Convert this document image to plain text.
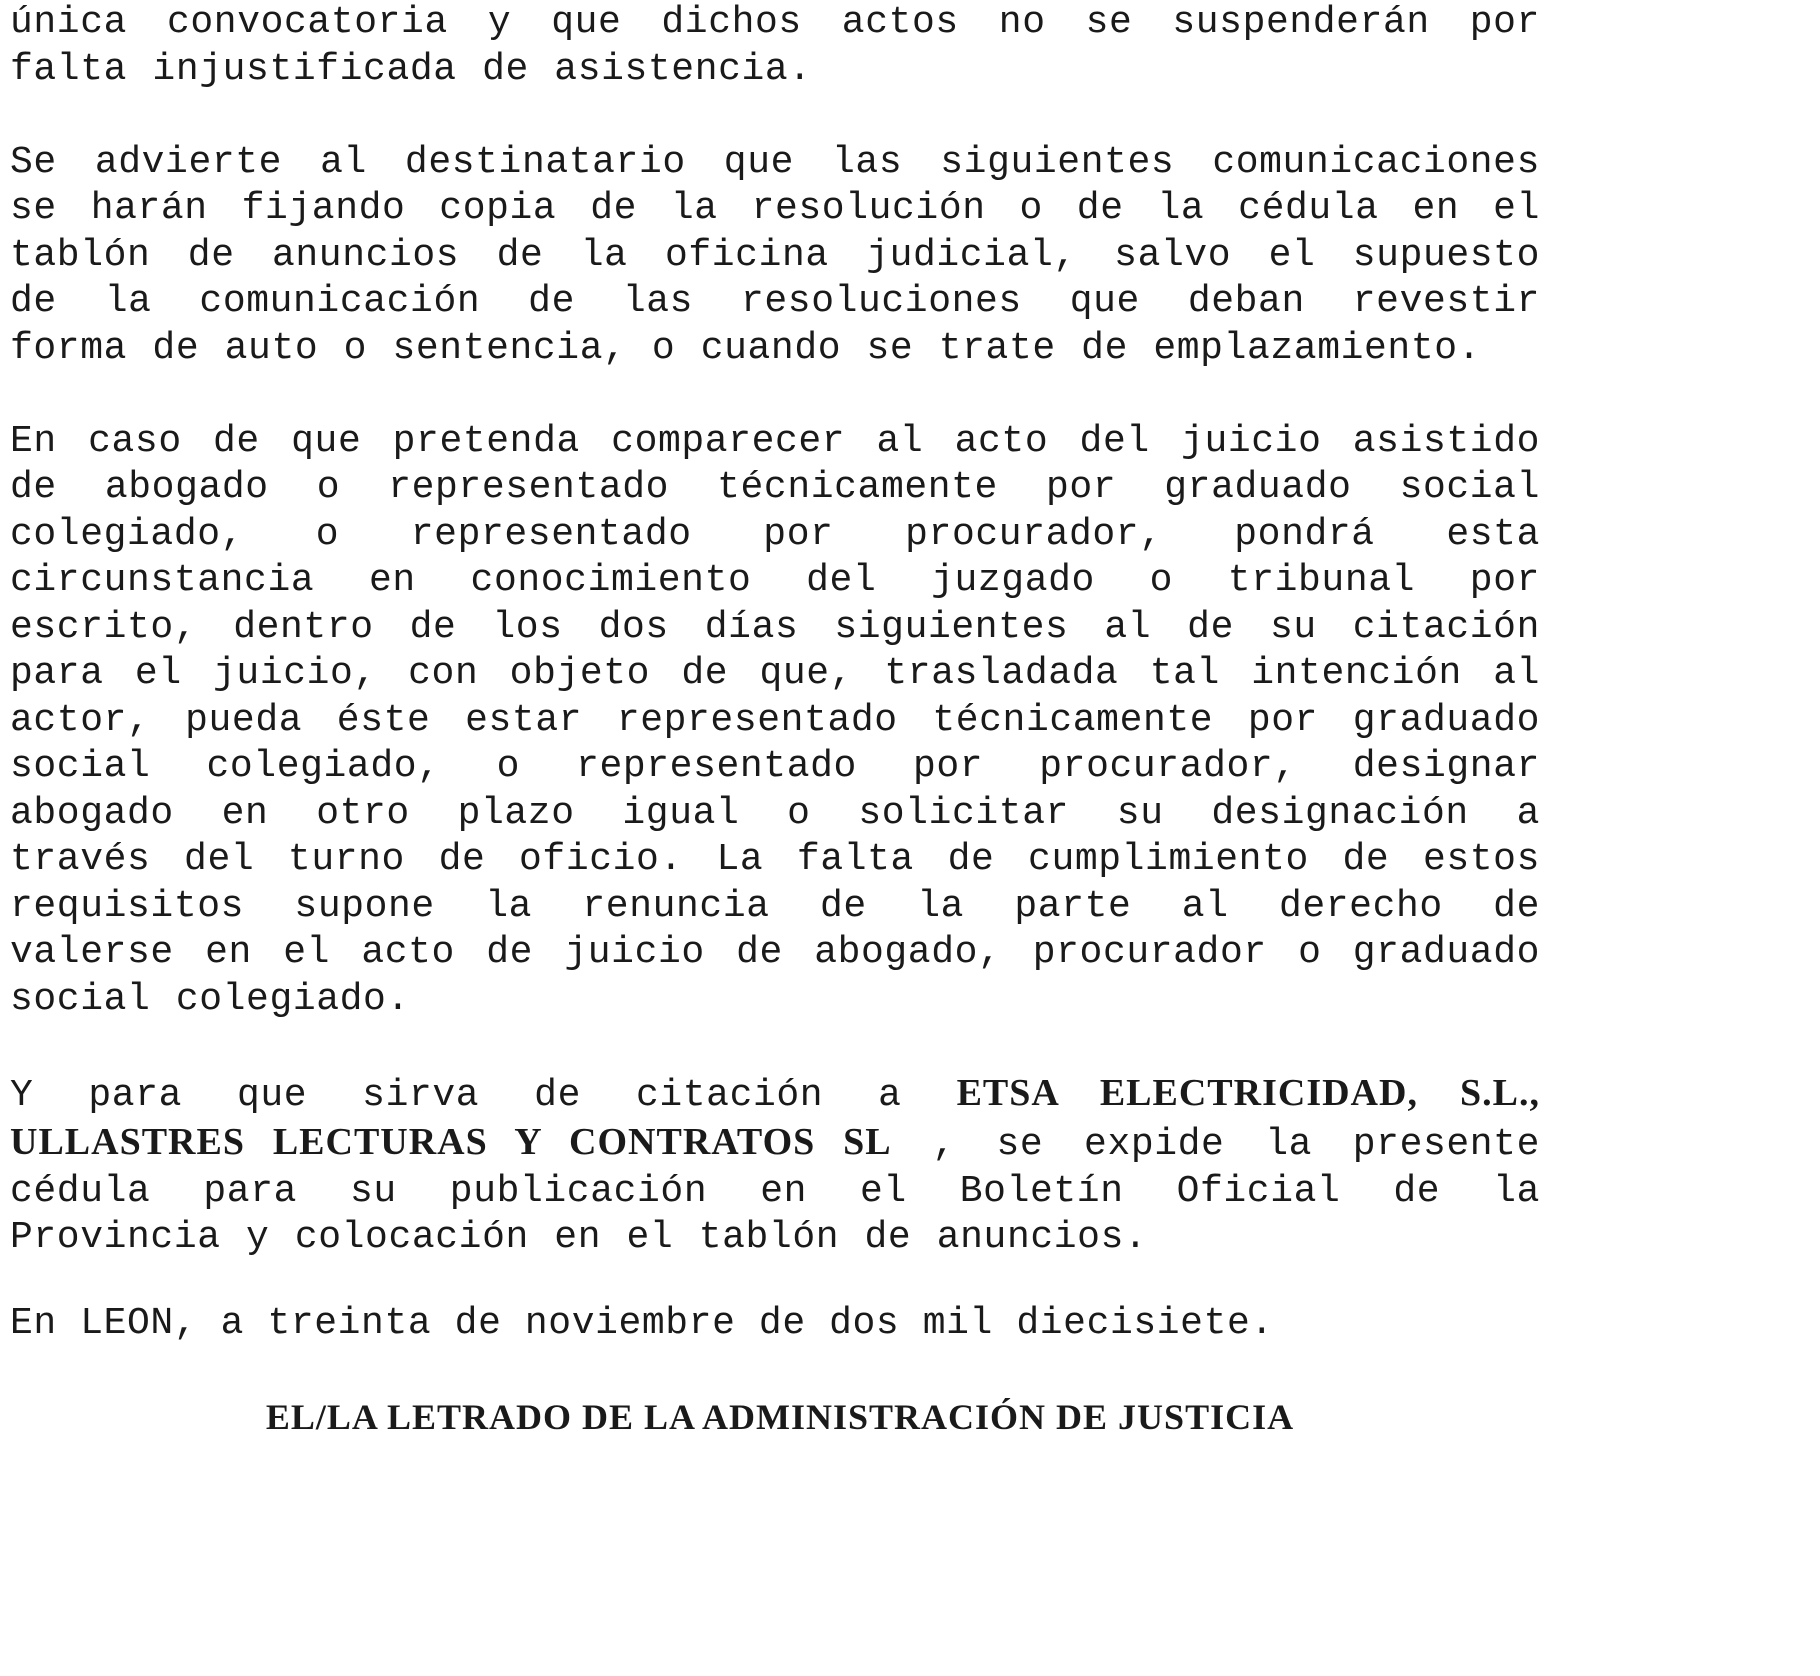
única convocatoria y que dichos actos no se suspenderán por
falta injustificada de asistencia.
Se advierte al destinatario que las siguientes comunicaciones
se harán fijando copia de la resolución o de la cédula en el
tablón de anuncios de la oficina judicial, salvo el supuesto
de la comunicación de las resoluciones que deban revestir
forma de auto o sentencia, o cuando se trate de emplazamiento.
En caso de que pretenda comparecer al acto del juicio asistido
de abogado o representado técnicamente por graduado social
colegiado, o representado por procurador, pondrá esta
circunstancia en conocimiento del juzgado o tribunal por
escrito, dentro de los dos días siguientes al de su citación
para el juicio, con objeto de que, trasladada tal intención al
actor, pueda éste estar representado técnicamente por graduado
social colegiado, o representado por procurador, designar
abogado en otro plazo igual o solicitar su designación a
través del turno de oficio. La falta de cumplimiento de estos
requisitos supone la renuncia de la parte al derecho de
valerse en el acto de juicio de abogado, procurador o graduado
social colegiado.
Y para que sirva de citación a ETSA ELECTRICIDAD, S.L.,
ULLASTRES LECTURAS Y CONTRATOS SL , se expide la presente
cédula para su publicación en el Boletín Oficial de la
Provincia y colocación en el tablón de anuncios.
En LEON, a treinta de noviembre de dos mil diecisiete.
EL/LA LETRADO DE LA ADMINISTRACIÓN DE JUSTICIA
